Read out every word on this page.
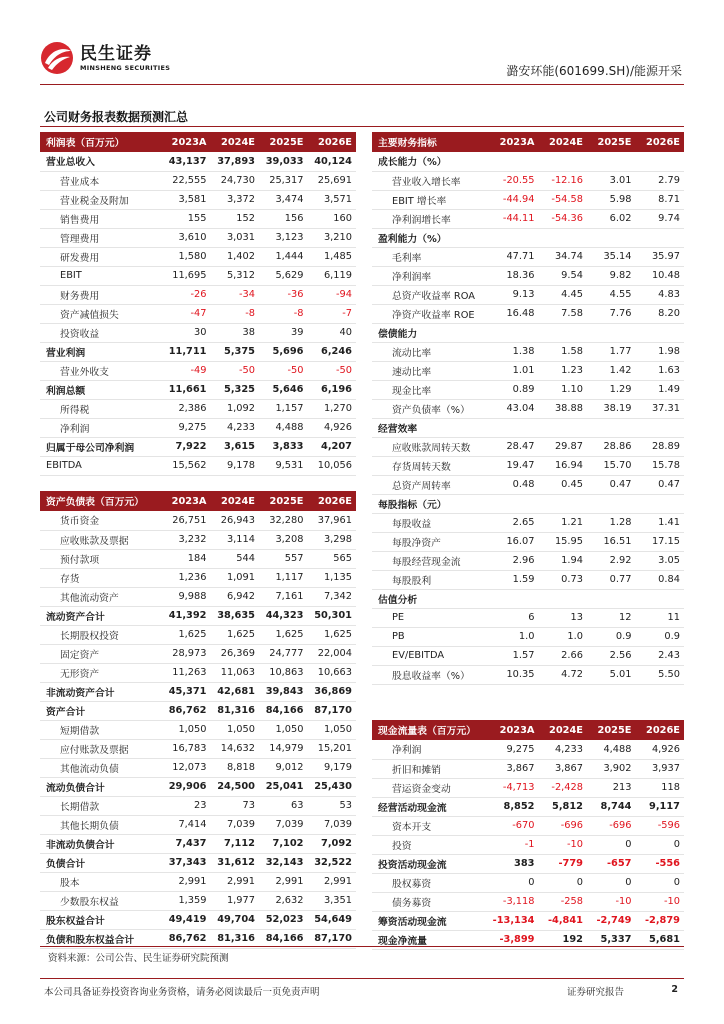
民生证券
MINSHENG SECURITIES	潞安环能(601699.SH)/能源开采
公司财务报表数据预测汇总
利润表（百万元）	2023A	2024E	2025E	2026E
营业总收入	43,137	37,893	39,033	40,124
营业成本	22,555	24,730	25,317	25,691
营业税金及附加	3,581	3,372	3,474	3,571
销售费用	155	152	156	160
管理费用	3,610	3,031	3,123	3,210
研发费用	1,580	1,402	1,444	1,485
EBIT	11,695	5,312	5,629	6,119
财务费用	-26	-34	-36	-94
资产减值损失	-47	-8	-8	-7
投资收益	30	38	39	40
营业利润	11,711	5,375	5,696	6,246
营业外收支	-49	-50	-50	-50
利润总额	11,661	5,325	5,646	6,196
所得税	2,386	1,092	1,157	1,270
净利润	9,275	4,233	4,488	4,926
归属于母公司净利润	7,922	3,615	3,833	4,207
EBITDA	15,562	9,178	9,531	10,056
资产负债表（百万元）	2023A	2024E	2025E	2026E
货币资金	26,751	26,943	32,280	37,961
应收账款及票据	3,232	3,114	3,208	3,298
预付款项	184	544	557	565
存货	1,236	1,091	1,117	1,135
其他流动资产	9,988	6,942	7,161	7,342
流动资产合计	41,392	38,635	44,323	50,301
长期股权投资	1,625	1,625	1,625	1,625
固定资产	28,973	26,369	24,777	22,004
无形资产	11,263	11,063	10,863	10,663
非流动资产合计	45,371	42,681	39,843	36,869
资产合计	86,762	81,316	84,166	87,170
短期借款	1,050	1,050	1,050	1,050
应付账款及票据	16,783	14,632	14,979	15,201
其他流动负债	12,073	8,818	9,012	9,179
流动负债合计	29,906	24,500	25,041	25,430
长期借款	23	73	63	53
其他长期负债	7,414	7,039	7,039	7,039
非流动负债合计	7,437	7,112	7,102	7,092
负债合计	37,343	31,612	32,143	32,522
股本	2,991	2,991	2,991	2,991
少数股东权益	1,359	1,977	2,632	3,351
股东权益合计	49,419	49,704	52,023	54,649
负债和股东权益合计	86,762	81,316	84,166	87,170
主要财务指标	2023A	2024E	2025E	2026E
成长能力（%）				
营业收入增长率	-20.55	-12.16	3.01	2.79
EBIT 增长率	-44.94	-54.58	5.98	8.71
净利润增长率	-44.11	-54.36	6.02	9.74
盈利能力（%）				
毛利率	47.71	34.74	35.14	35.97
净利润率	18.36	9.54	9.82	10.48
总资产收益率 ROA	9.13	4.45	4.55	4.83
净资产收益率 ROE	16.48	7.58	7.76	8.20
偿债能力				
流动比率	1.38	1.58	1.77	1.98
速动比率	1.01	1.23	1.42	1.63
现金比率	0.89	1.10	1.29	1.49
资产负债率（%）	43.04	38.88	38.19	37.31
经营效率				
应收账款周转天数	28.47	29.87	28.86	28.89
存货周转天数	19.47	16.94	15.70	15.78
总资产周转率	0.48	0.45	0.47	0.47
每股指标（元）				
每股收益	2.65	1.21	1.28	1.41
每股净资产	16.07	15.95	16.51	17.15
每股经营现金流	2.96	1.94	2.92	3.05
每股股利	1.59	0.73	0.77	0.84
估值分析				
PE	6	13	12	11
PB	1.0	1.0	0.9	0.9
EV/EBITDA	1.57	2.66	2.56	2.43
股息收益率（%）	10.35	4.72	5.01	5.50
现金流量表（百万元）	2023A	2024E	2025E	2026E
净利润	9,275	4,233	4,488	4,926
折旧和摊销	3,867	3,867	3,902	3,937
营运资金变动	-4,713	-2,428	213	118
经营活动现金流	8,852	5,812	8,744	9,117
资本开支	-670	-696	-696	-596
投资	-1	-10	0	0
投资活动现金流	383	-779	-657	-556
股权募资	0	0	0	0
债务募资	-3,118	-258	-10	-10
筹资活动现金流	-13,134	-4,841	-2,749	-2,879
现金净流量	-3,899	192	5,337	5,681
资料来源：公司公告、民生证券研究院预测
本公司具备证券投资咨询业务资格，请务必阅读最后一页免责声明	证券研究报告	2
